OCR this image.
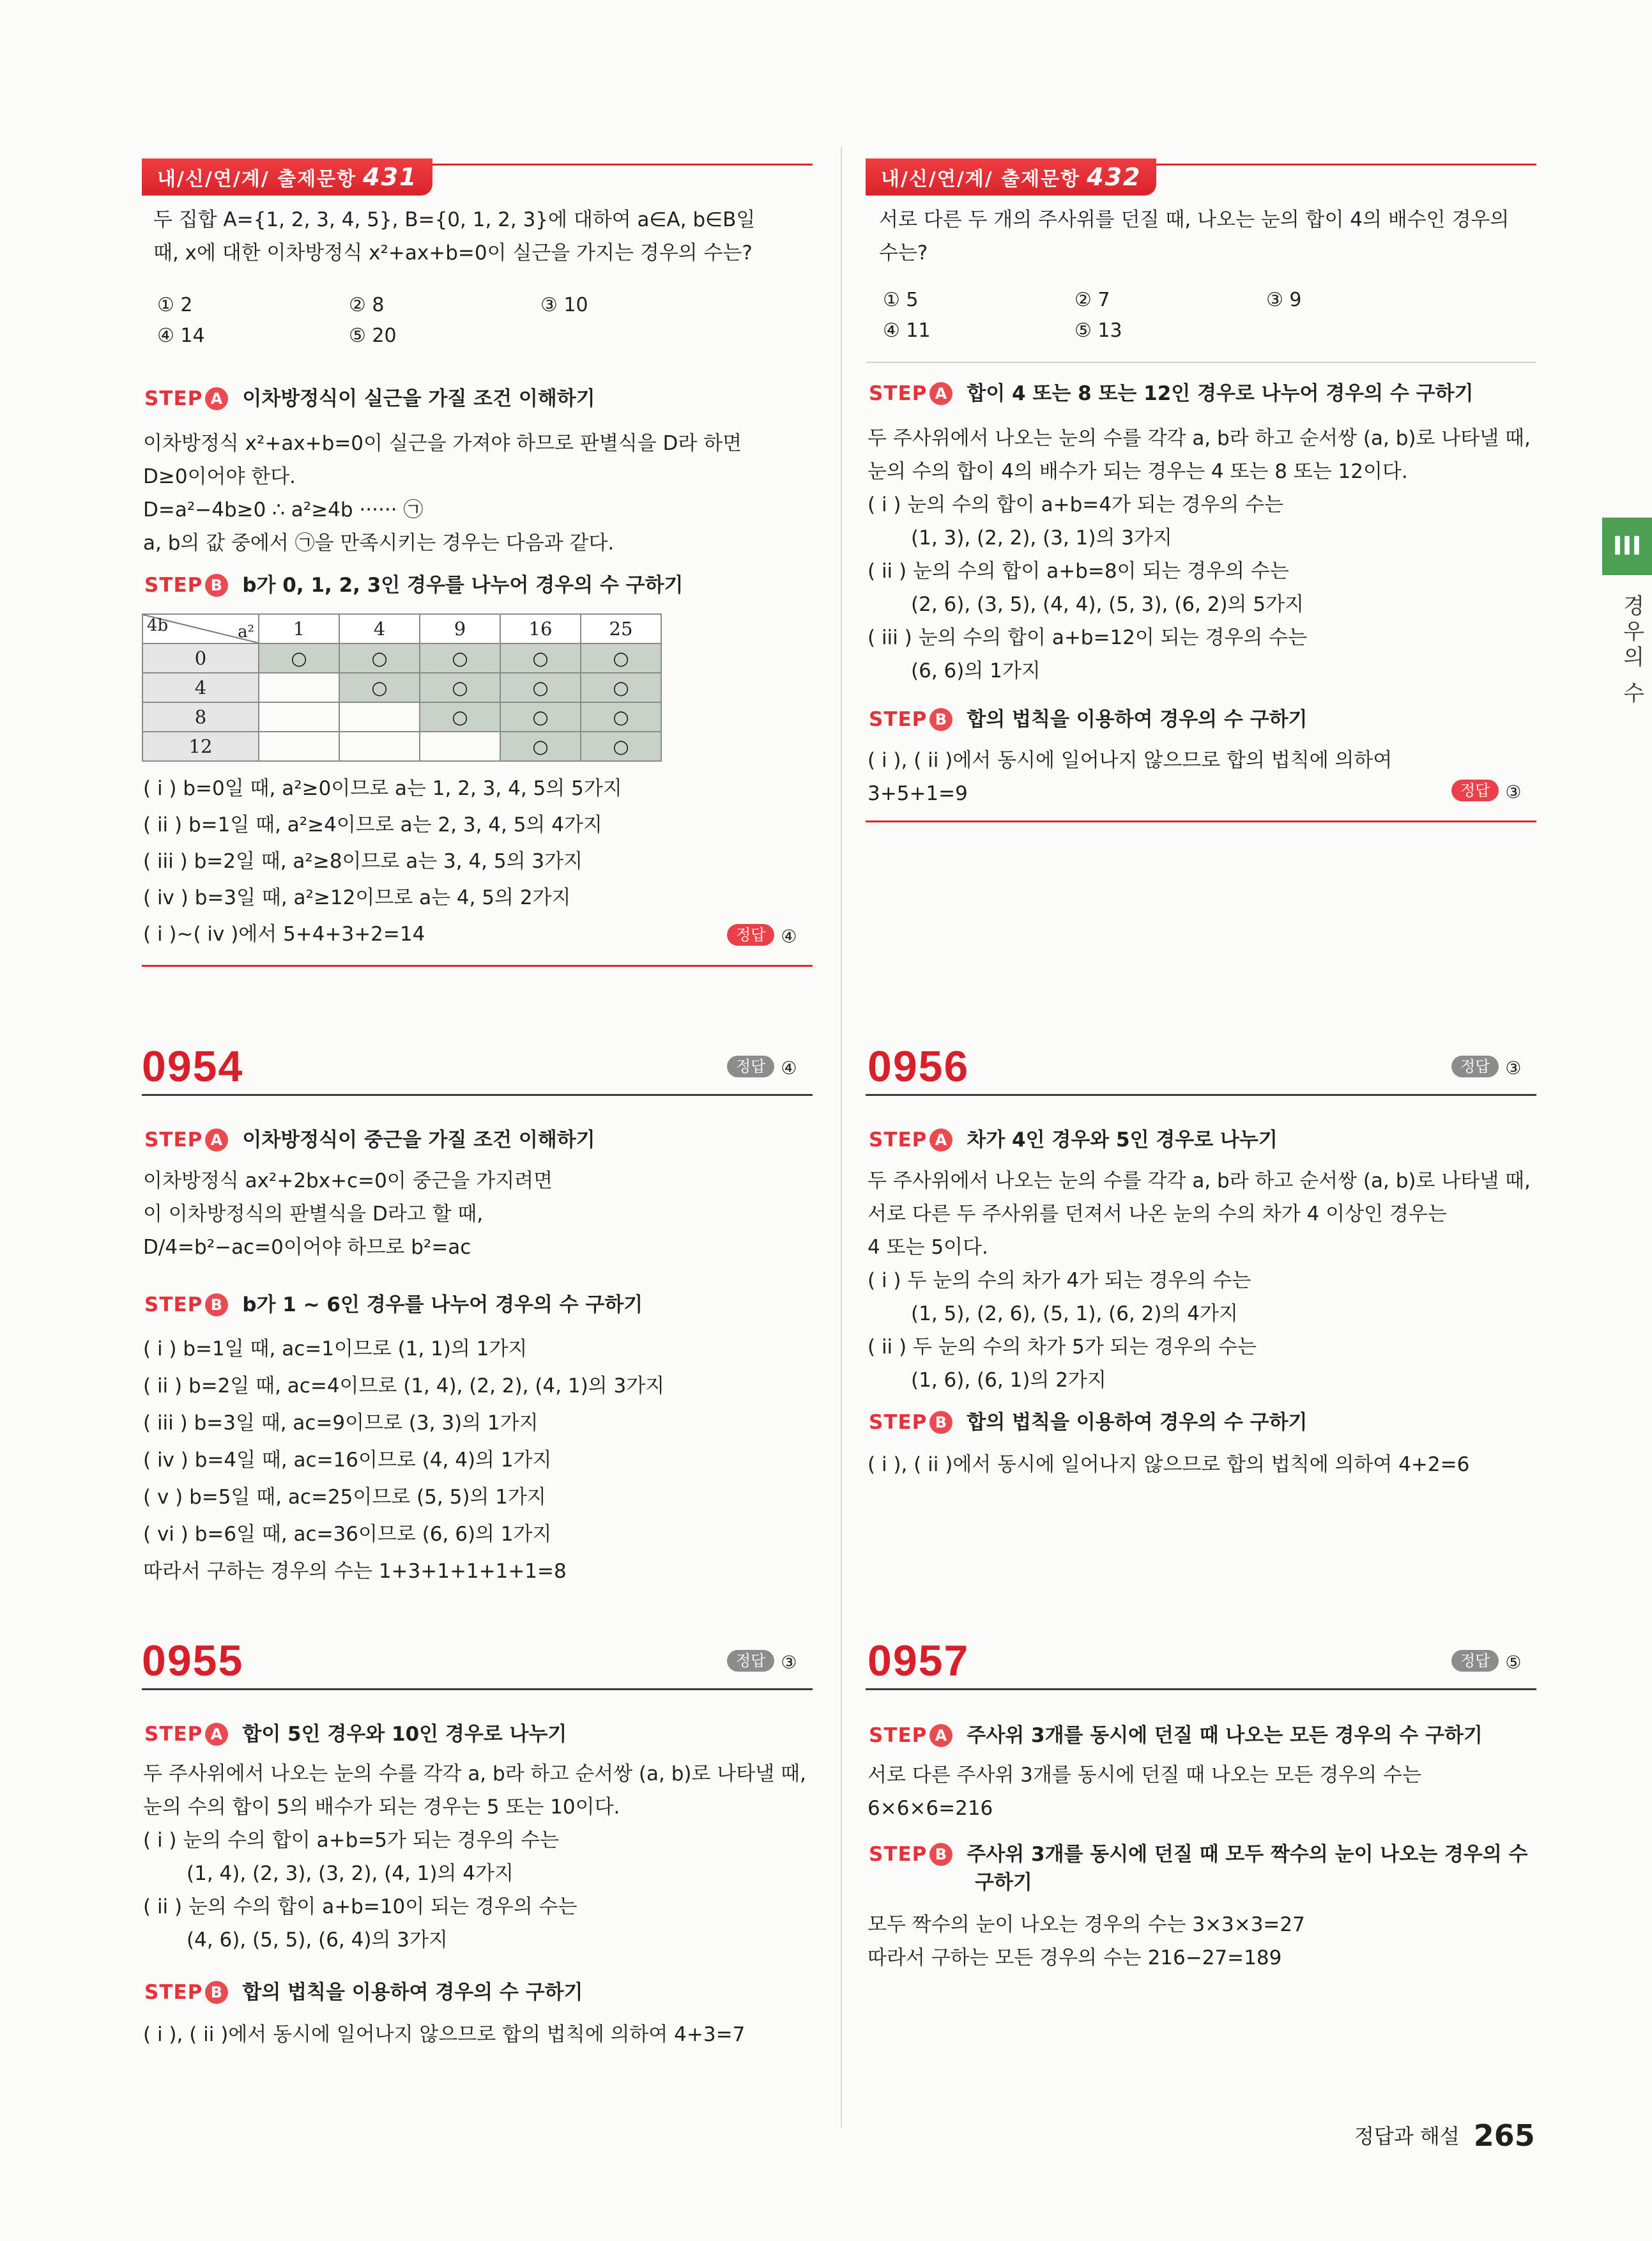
내/신/연/계/ 출제문항 431
두 집합 A={1, 2, 3, 4, 5}, B={0, 1, 2, 3}에 대하여 a∈A, b∈B일
때, x에 대한 이차방정식 x²+ax+b=0이 실근을 가지는 경우의 수는?
① 2	② 8	③ 10
④ 14	⑤ 20
STEP A 이차방정식이 실근을 가질 조건 이해하기
이차방정식 x²+ax+b=0이 실근을 가져야 하므로 판별식을 D라 하면
D≥0이어야 한다.
D=a²−4b≥0 ∴ a²≥4b ······ ㉠
a, b의 값 중에서 ㉠을 만족시키는 경우는 다음과 같다.
STEP B b가 0, 1, 2, 3인 경우를 나누어 경우의 수 구하기
4b a²	1	4	9	16	25
0	○	○	○	○	○
4		○	○	○	○
8			○	○	○
12				○	○
( i ) b=0일 때, a²≥0이므로 a는 1, 2, 3, 4, 5의 5가지
( ii ) b=1일 때, a²≥4이므로 a는 2, 3, 4, 5의 4가지
( iii ) b=2일 때, a²≥8이므로 a는 3, 4, 5의 3가지
( iv ) b=3일 때, a²≥12이므로 a는 4, 5의 2가지
( i )~( iv )에서 5+4+3+2=14	정답 ④
0954	정답 ④
STEP A 이차방정식이 중근을 가질 조건 이해하기
이차방정식 ax²+2bx+c=0이 중근을 가지려면
이 이차방정식의 판별식을 D라고 할 때,
D/4=b²−ac=0이어야 하므로 b²=ac
STEP B b가 1 ~ 6인 경우를 나누어 경우의 수 구하기
( i ) b=1일 때, ac=1이므로 (1, 1)의 1가지
( ii ) b=2일 때, ac=4이므로 (1, 4), (2, 2), (4, 1)의 3가지
( iii ) b=3일 때, ac=9이므로 (3, 3)의 1가지
( iv ) b=4일 때, ac=16이므로 (4, 4)의 1가지
( v ) b=5일 때, ac=25이므로 (5, 5)의 1가지
( vi ) b=6일 때, ac=36이므로 (6, 6)의 1가지
따라서 구하는 경우의 수는 1+3+1+1+1+1=8
0955	정답 ③
STEP A 합이 5인 경우와 10인 경우로 나누기
두 주사위에서 나오는 눈의 수를 각각 a, b라 하고 순서쌍 (a, b)로 나타낼 때,
눈의 수의 합이 5의 배수가 되는 경우는 5 또는 10이다.
( i ) 눈의 수의 합이 a+b=5가 되는 경우의 수는
(1, 4), (2, 3), (3, 2), (4, 1)의 4가지
( ii ) 눈의 수의 합이 a+b=10이 되는 경우의 수는
(4, 6), (5, 5), (6, 4)의 3가지
STEP B 합의 법칙을 이용하여 경우의 수 구하기
( i ), ( ii )에서 동시에 일어나지 않으므로 합의 법칙에 의하여 4+3=7
내/신/연/계/ 출제문항 432
서로 다른 두 개의 주사위를 던질 때, 나오는 눈의 합이 4의 배수인 경우의
수는?
① 5	② 7	③ 9
④ 11	⑤ 13
STEP A 합이 4 또는 8 또는 12인 경우로 나누어 경우의 수 구하기
두 주사위에서 나오는 눈의 수를 각각 a, b라 하고 순서쌍 (a, b)로 나타낼 때,
눈의 수의 합이 4의 배수가 되는 경우는 4 또는 8 또는 12이다.
( i ) 눈의 수의 합이 a+b=4가 되는 경우의 수는
(1, 3), (2, 2), (3, 1)의 3가지
( ii ) 눈의 수의 합이 a+b=8이 되는 경우의 수는
(2, 6), (3, 5), (4, 4), (5, 3), (6, 2)의 5가지
( iii ) 눈의 수의 합이 a+b=12이 되는 경우의 수는
(6, 6)의 1가지
STEP B 합의 법칙을 이용하여 경우의 수 구하기
( i ), ( ii )에서 동시에 일어나지 않으므로 합의 법칙에 의하여
3+5+1=9	정답 ③
0956	정답 ③
STEP A 차가 4인 경우와 5인 경우로 나누기
두 주사위에서 나오는 눈의 수를 각각 a, b라 하고 순서쌍 (a, b)로 나타낼 때,
서로 다른 두 주사위를 던져서 나온 눈의 수의 차가 4 이상인 경우는
4 또는 5이다.
( i ) 두 눈의 수의 차가 4가 되는 경우의 수는
(1, 5), (2, 6), (5, 1), (6, 2)의 4가지
( ii ) 두 눈의 수의 차가 5가 되는 경우의 수는
(1, 6), (6, 1)의 2가지
STEP B 합의 법칙을 이용하여 경우의 수 구하기
( i ), ( ii )에서 동시에 일어나지 않으므로 합의 법칙에 의하여 4+2=6
0957	정답 ⑤
STEP A 주사위 3개를 동시에 던질 때 나오는 모든 경우의 수 구하기
서로 다른 주사위 3개를 동시에 던질 때 나오는 모든 경우의 수는
6×6×6=216
STEP B 주사위 3개를 동시에 던질 때 모두 짝수의 눈이 나오는 경우의 수
구하기
모두 짝수의 눈이 나오는 경우의 수는 3×3×3=27
따라서 구하는 모든 경우의 수는 216−27=189
III
경우의 수
정답과 해설 265
